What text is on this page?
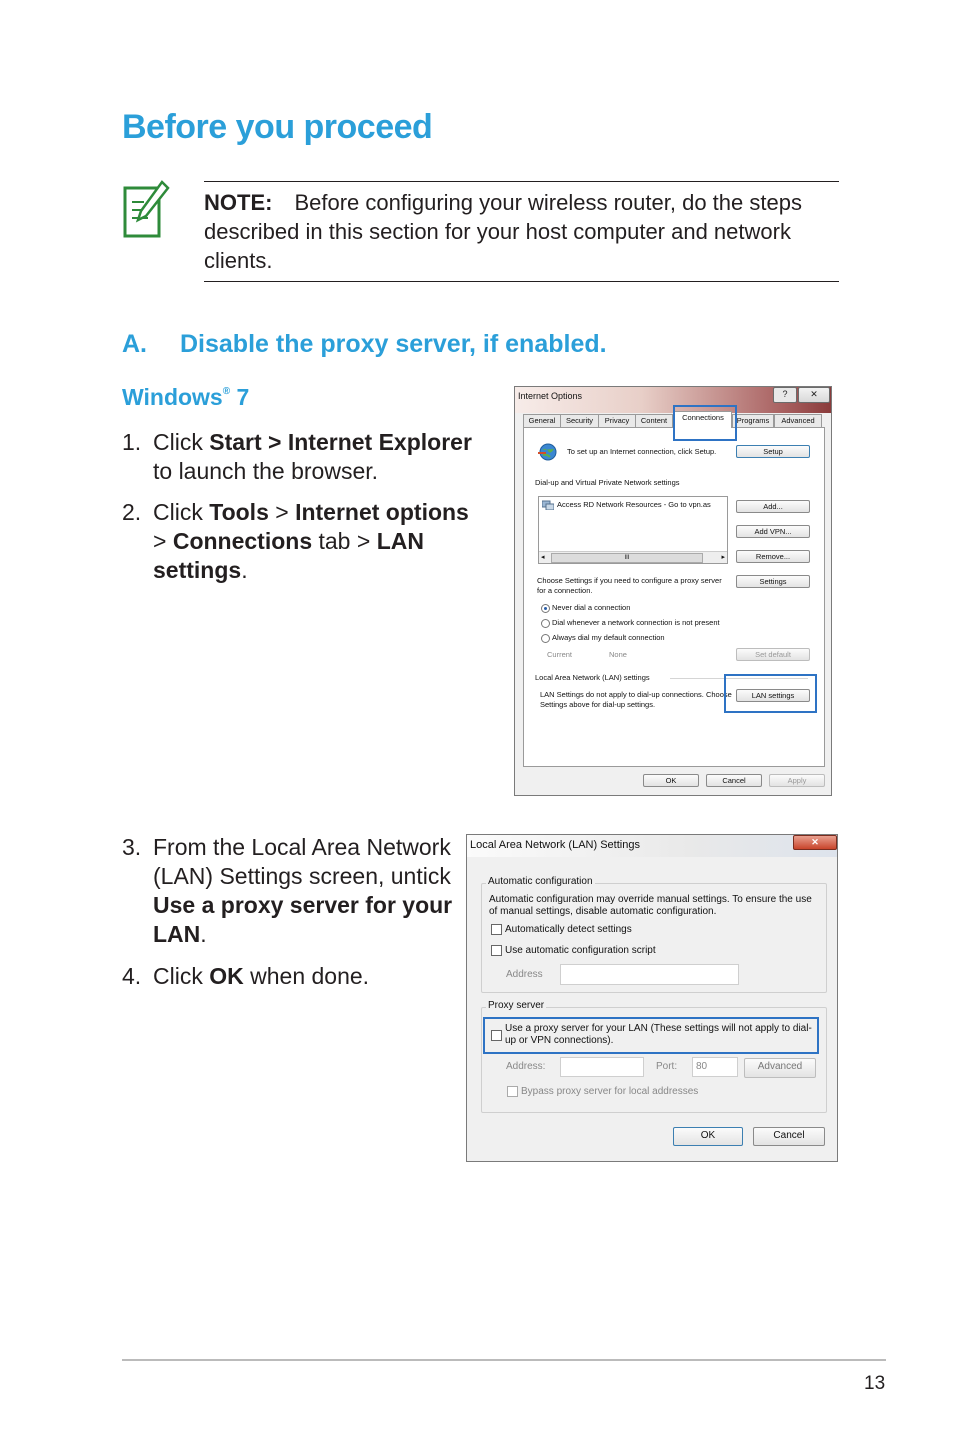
Before you proceed
NOTE: Before configuring your wireless router, do the steps described in this section for your host computer and network clients.
A. Disable the proxy server, if enabled.
Windows® 7
1. Click Start > Internet Explorer
to launch the browser.
2. Click Tools > Internet options
> Connections tab > LAN settings.
3. From the Local Area Network (LAN) Settings screen, untick Use a proxy server for your LAN.
4. Click OK when done.
Internet Options	?	✕
General	Security	Privacy	Content	Connections	Programs	Advanced
To set up an Internet connection, click Setup.	Setup
Dial-up and Virtual Private Network settings
Access RD Network Resources - Go to vpn.as
◂	III	▸
Add...
Add VPN...
Remove...
Choose Settings if you need to configure a proxy server for a connection.
Settings
Never dial a connection
Dial whenever a network connection is not present
Always dial my default connection
Current	None	Set default
Local Area Network (LAN) settings
LAN Settings do not apply to dial-up connections. Choose Settings above for dial-up settings.
LAN settings
OK	Cancel	Apply
Local Area Network (LAN) Settings	✕
Automatic configuration
Automatic configuration may override manual settings. To ensure the use of manual settings, disable automatic configuration.
Automatically detect settings
Use automatic configuration script
Address
Proxy server
Use a proxy server for your LAN (These settings will not apply to dial-up or VPN connections).
Address:	Port: 80	Advanced
Bypass proxy server for local addresses
OK	Cancel
13
